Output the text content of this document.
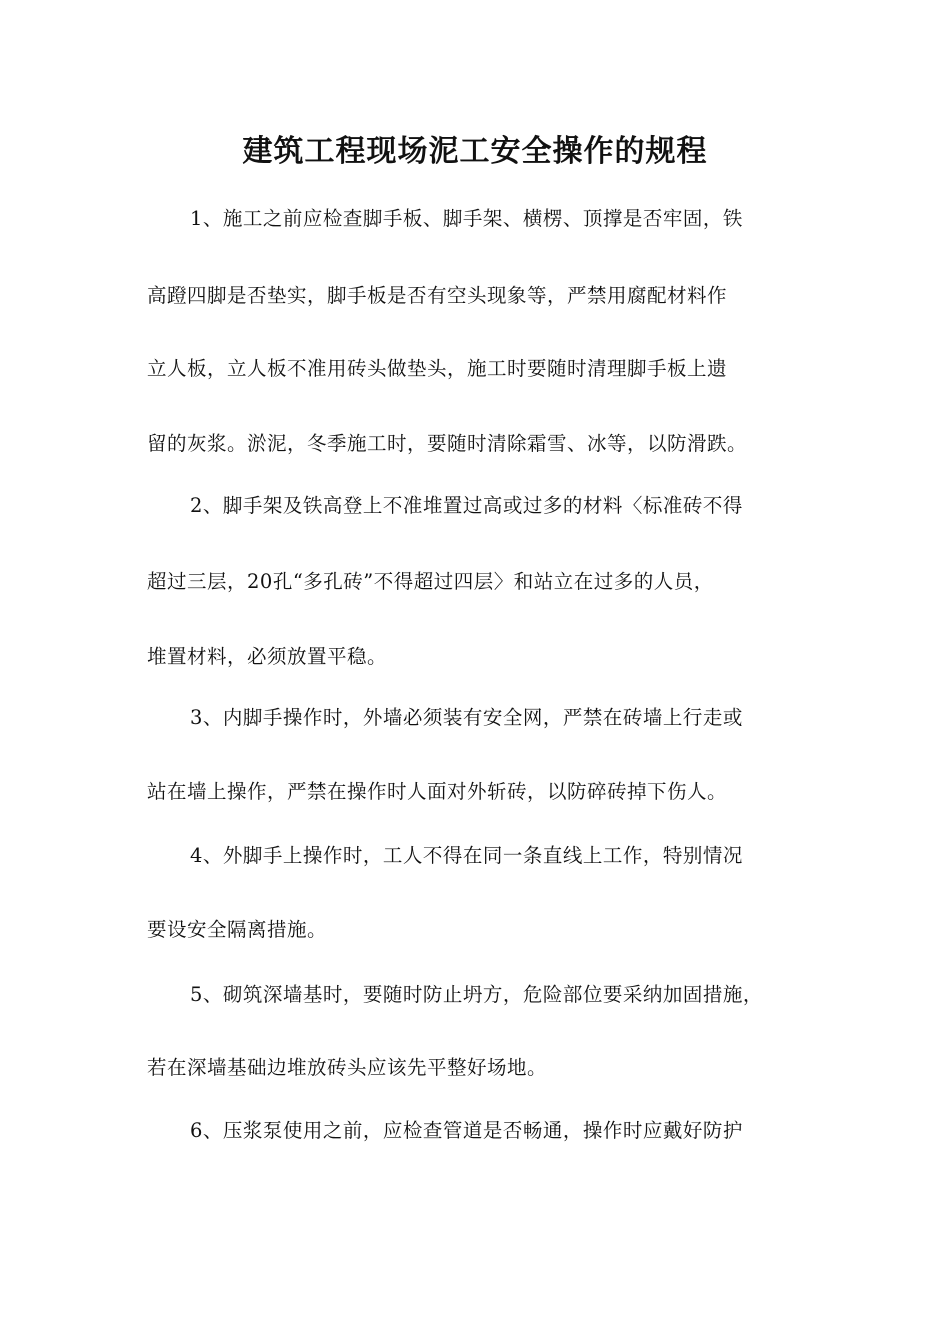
建筑工程现场泥工安全操作的规程
1、施工之前应检查脚手板、脚手架、横楞、顶撑是否牢固，铁
高蹬四脚是否垫实，脚手板是否有空头现象等，严禁用腐配材料作
立人板，立人板不准用砖头做垫头，施工时要随时清理脚手板上遗
留的灰浆。淤泥，冬季施工时，要随时清除霜雪、冰等，以防滑跌。
2、脚手架及铁高登上不准堆置过高或过多的材料〈标准砖不得
超过三层，20孔“多孔砖”不得超过四层〉和站立在过多的人员，
堆置材料，必须放置平稳。
3、内脚手操作时，外墙必须装有安全网，严禁在砖墙上行走或
站在墙上操作，严禁在操作时人面对外斩砖，以防碎砖掉下伤人。
4、外脚手上操作时，工人不得在同一条直线上工作，特别情况
要设安全隔离措施。
5、砌筑深墙基时，要随时防止坍方，危险部位要采纳加固措施，
若在深墙基础边堆放砖头应该先平整好场地。
6、压浆泵使用之前，应检查管道是否畅通，操作时应戴好防护
